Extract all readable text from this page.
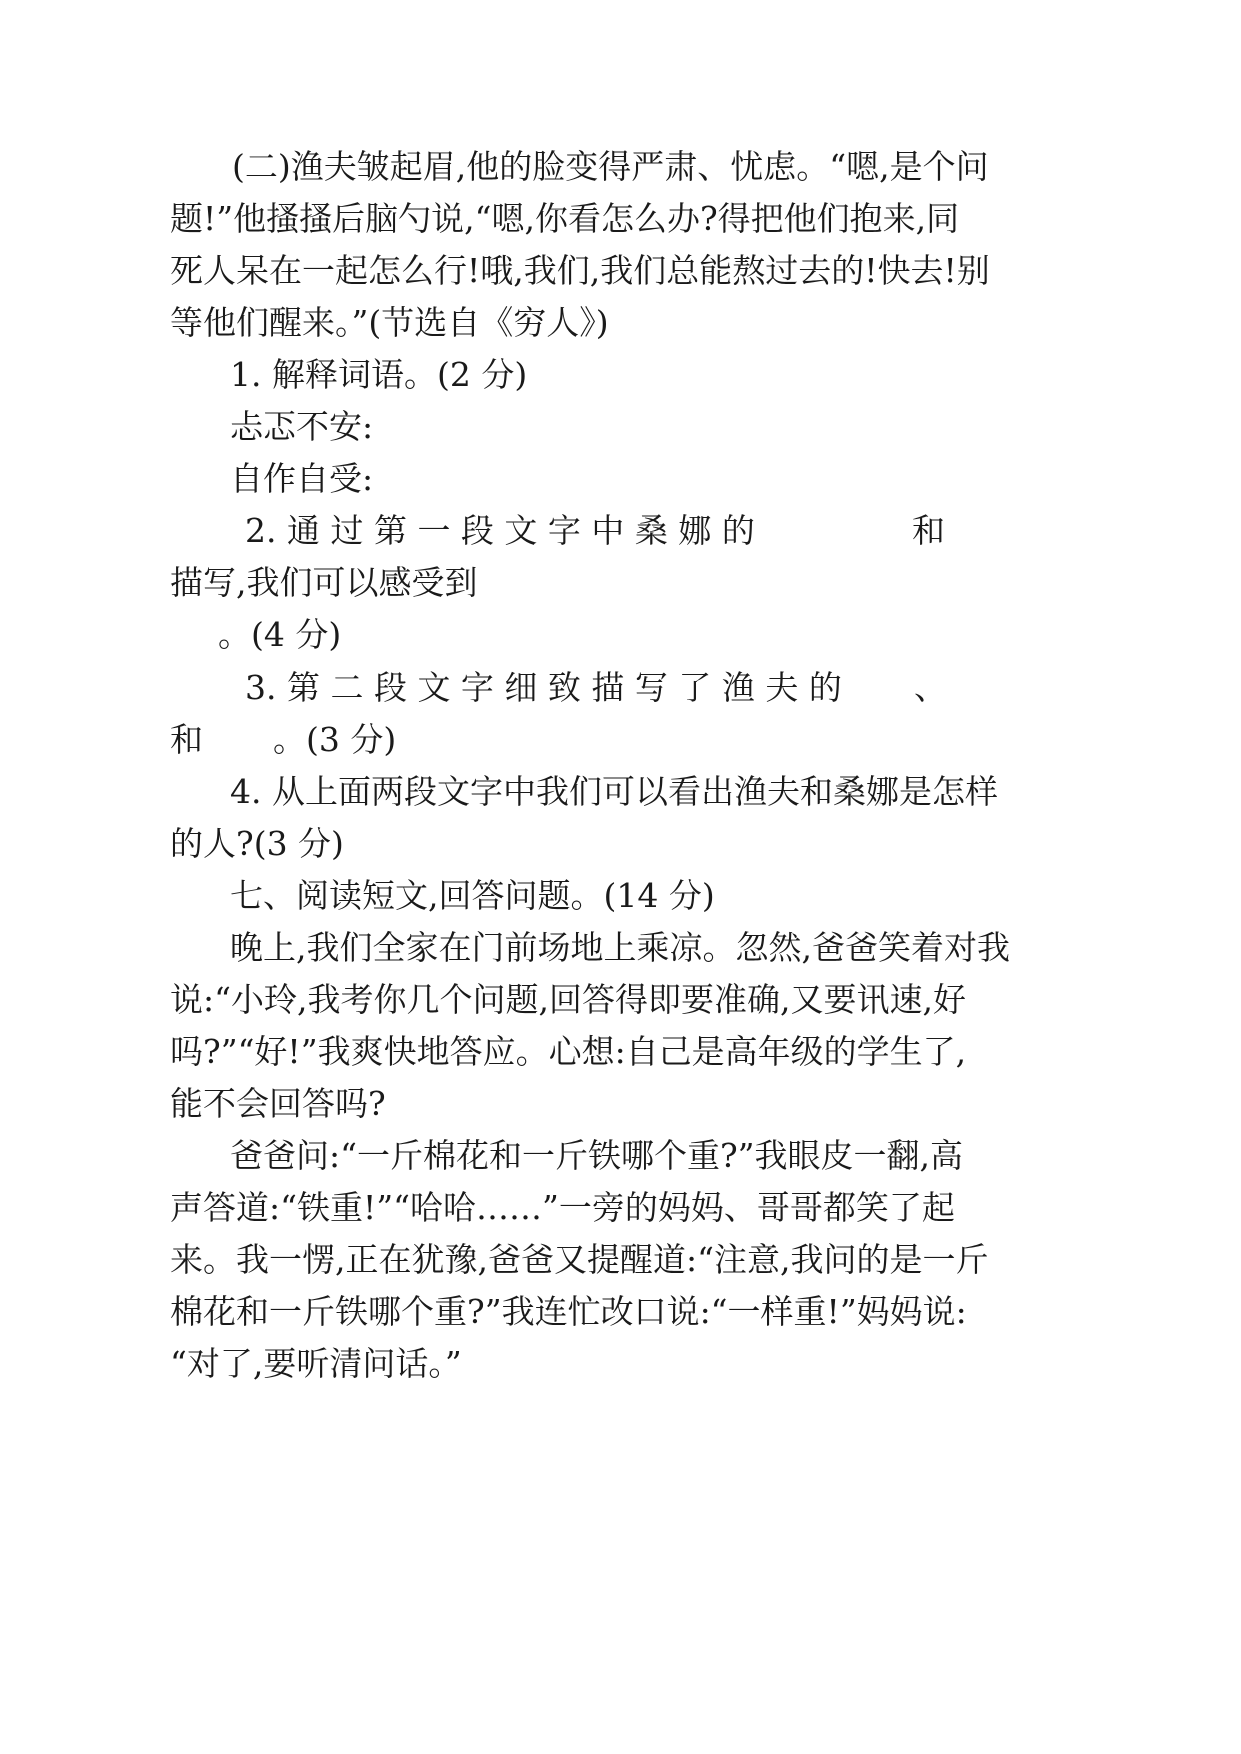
(二)渔夫皱起眉,他的脸变得严肃、忧虑。“嗯,是个问
题!”他搔搔后脑勺说,“嗯,你看怎么办?得把他们抱来,同
死人呆在一起怎么行!哦,我们,我们总能熬过去的!快去!别
等他们醒来。”(节选自《穷人》)
1. 解释词语。(2 分)
忐忑不安:
自作自受:
2. 通 过 第 一 段 文 字 中 桑 娜 的	和
描写,我们可以感受到
。(4 分)
3. 第 二 段 文 字 细 致 描 写 了 渔 夫 的 、
和 。(3 分)
4. 从上面两段文字中我们可以看出渔夫和桑娜是怎样
的人?(3 分)
七、阅读短文,回答问题。(14 分)
晚上,我们全家在门前场地上乘凉。忽然,爸爸笑着对我
说:“小玲,我考你几个问题,回答得即要准确,又要讯速,好
吗?”“好!”我爽快地答应。心想:自己是高年级的学生了,
能不会回答吗?
爸爸问:“一斤棉花和一斤铁哪个重?”我眼皮一翻,高
声答道:“铁重!”“哈哈……”一旁的妈妈、哥哥都笑了起
来。我一愣,正在犹豫,爸爸又提醒道:“注意,我问的是一斤
棉花和一斤铁哪个重?”我连忙改口说:“一样重!”妈妈说:
“对了,要听清问话。”
